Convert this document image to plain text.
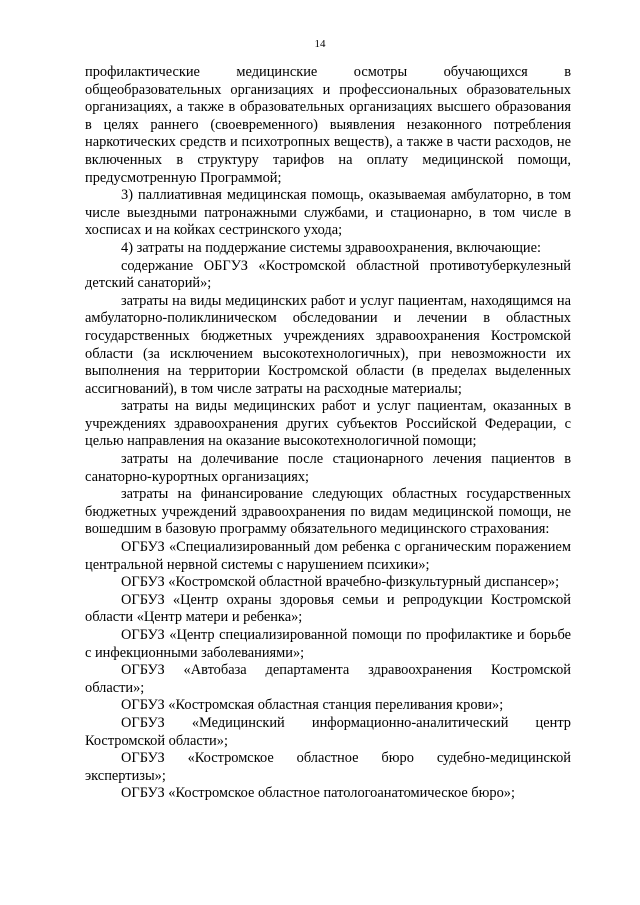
14

профилактические медицинские осмотры обучающихся в общеобразовательных организациях и профессиональных образовательных организациях, а также в образовательных организациях высшего образования в целях раннего (своевременного) выявления незаконного потребления наркотических средств и психотропных веществ), а также в части расходов, не включенных в структуру тарифов на оплату медицинской помощи, предусмотренную Программой;

3) паллиативная медицинская помощь, оказываемая амбулаторно, в том числе выездными патронажными службами, и стационарно, в том числе в хосписах и на койках сестринского ухода;

4) затраты на поддержание системы здравоохранения, включающие:

содержание ОБГУЗ «Костромской областной противотуберкулезный детский санаторий»;

затраты на виды медицинских работ и услуг пациентам, находящимся на амбулаторно-поликлиническом обследовании и лечении в областных государственных бюджетных учреждениях здравоохранения Костромской области (за исключением высокотехнологичных), при невозможности их выполнения на территории Костромской области (в пределах выделенных ассигнований), в том числе затраты на расходные материалы;

затраты на виды медицинских работ и услуг пациентам, оказанных в учреждениях здравоохранения других субъектов Российской Федерации, с целью направления на оказание высокотехнологичной помощи;

затраты на долечивание после стационарного лечения пациентов в санаторно-курортных организациях;

затраты на финансирование следующих областных государственных бюджетных учреждений здравоохранения по видам медицинской помощи, не вошедшим в базовую программу обязательного медицинского страхования:

ОГБУЗ «Специализированный дом ребенка с органическим поражением центральной нервной системы с нарушением психики»;

ОГБУЗ «Костромской областной врачебно-физкультурный диспансер»;

ОГБУЗ «Центр охраны здоровья семьи и репродукции Костромской области «Центр матери и ребенка»;

ОГБУЗ «Центр специализированной помощи по профилактике и борьбе с инфекционными заболеваниями»;

ОГБУЗ «Автобаза департамента здравоохранения Костромской области»;

ОГБУЗ «Костромская областная станция переливания крови»;

ОГБУЗ «Медицинский информационно-аналитический центр Костромской области»;

ОГБУЗ «Костромское областное бюро судебно-медицинской экспертизы»;

ОГБУЗ «Костромское областное патологоанатомическое бюро»;
